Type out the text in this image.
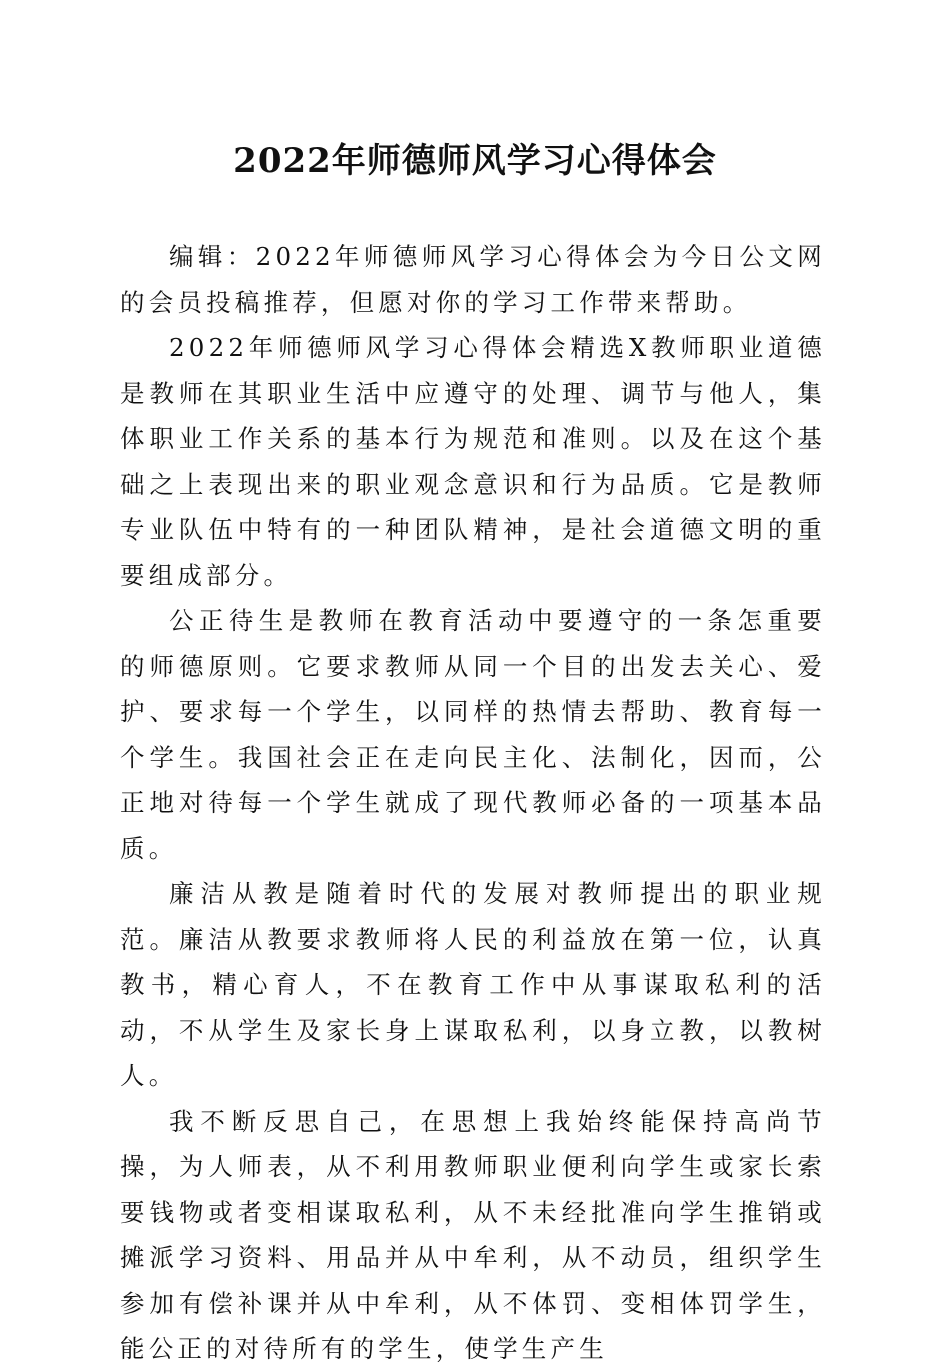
2022年师德师风学习心得体会

编辑：2022年师德师风学习心得体会为今日公文网的会员投稿推荐，但愿对你的学习工作带来帮助。

2022年师德师风学习心得体会精选X教师职业道德是教师在其职业生活中应遵守的处理、调节与他人，集体职业工作关系的基本行为规范和准则。以及在这个基础之上表现出来的职业观念意识和行为品质。它是教师专业队伍中特有的一种团队精神，是社会道德文明的重要组成部分。

公正待生是教师在教育活动中要遵守的一条怎重要的师德原则。它要求教师从同一个目的出发去关心、爱护、要求每一个学生，以同样的热情去帮助、教育每一个学生。我国社会正在走向民主化、法制化，因而，公正地对待每一个学生就成了现代教师必备的一项基本品质。

廉洁从教是随着时代的发展对教师提出的职业规范。廉洁从教要求教师将人民的利益放在第一位，认真教书，精心育人，不在教育工作中从事谋取私利的活动，不从学生及家长身上谋取私利，以身立教，以教树人。

我不断反思自己，在思想上我始终能保持高尚节操，为人师表，从不利用教师职业便利向学生或家长索要钱物或者变相谋取私利，从不未经批准向学生推销或摊派学习资料、用品并从中牟利，从不动员，组织学生参加有偿补课并从中牟利，从不体罚、变相体罚学生，能公正的对待所有的学生，使学生产生
